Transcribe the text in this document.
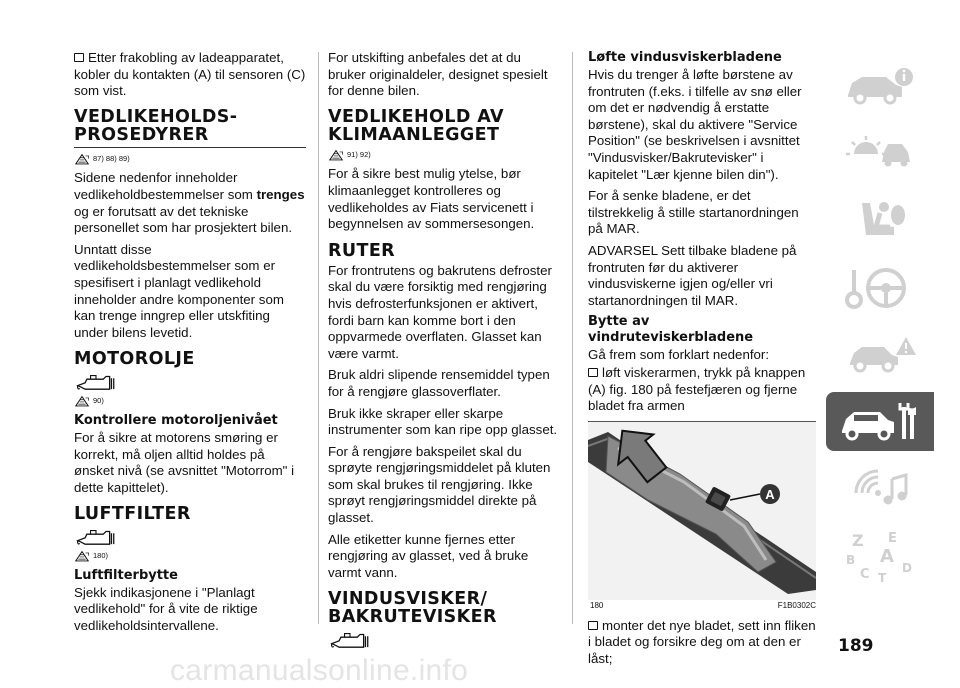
Etter frakobling av ladeapparatet, kobler du kontakten (A) til sensoren (C) som vist.

VEDLIKEHOLDS-PROSEDYRER
87) 88) 89)

Sidene nedenfor inneholder vedlikeholdbestemmelser som trenges og er forutsatt av det tekniske personellet som har prosjektert bilen.

Unntatt disse vedlikeholdsbestemmelser som er spesifisert i planlagt vedlikehold inneholder andre komponenter som kan trenge inngrep eller utskfiting under bilens levetid.

MOTOROLJE
90)
Kontrollere motoroljenivået

For å sikre at motorens smøring er korrekt, må oljen alltid holdes på ønsket nivå (se avsnittet "Motorrom" i dette kapittelet).

LUFTFILTER
180)
Luftfilterbytte

Sjekk indikasjonene i "Planlagt vedlikehold" for å vite de riktige vedlikeholdsintervallene.

For utskifting anbefales det at du bruker originaldeler, designet spesielt for denne bilen.

VEDLIKEHOLD AV KLIMAANLEGGET
91) 92)

For å sikre best mulig ytelse, bør klimaanlegget kontrolleres og vedlikeholdes av Fiats servicenett i begynnelsen av sommersesongen.

RUTER

For frontrutens og bakrutens defroster skal du være forsiktig med rengjøring hvis defrosterfunksjonen er aktivert, fordi barn kan komme bort i den oppvarmede overflaten. Glasset kan være varmt.

Bruk aldri slipende rensemiddel typen for å rengjøre glassoverflater.

Bruk ikke skraper eller skarpe instrumenter som kan ripe opp glasset.

For å rengjøre bakspeilet skal du sprøyte rengjøringsmiddelet på kluten som skal brukes til rengjøring. Ikke sprøyt rengjøringsmiddel direkte på glasset.

Alle etiketter kunne fjernes etter rengjøring av glasset, ved å bruke varmt vann.

VINDUSVISKER/ BAKRUTEVISKER
Løfte vindusviskerbladene

Hvis du trenger å løfte børstene av frontruten (f.eks. i tilfelle av snø eller om det er nødvendig å erstatte børstene), skal du aktivere "Service Position" (se beskrivelsen i avsnittet "Vindusvisker/Bakrutevisker" i kapitelet "Lær kjenne bilen din").

For å senke bladene, er det tilstrekkelig å stille startanordningen på MAR.

ADVARSEL Sett tilbake bladene på frontruten før du aktiverer vindusviskerne igjen og/eller vri startanordningen til MAR.

Bytte av vindruteviskerbladene

Gå frem som forklart nedenfor:

løft viskerarmen, trykk på knappen (A) fig. 180 på festefjæren og fjerne bladet fra armen

A
180	F1B0302C

monter det nye bladet, sett inn fliken i bladet og forsikre deg om at den er låst;

Z E
B A
C	D
T
189
carmanualsonline.info
